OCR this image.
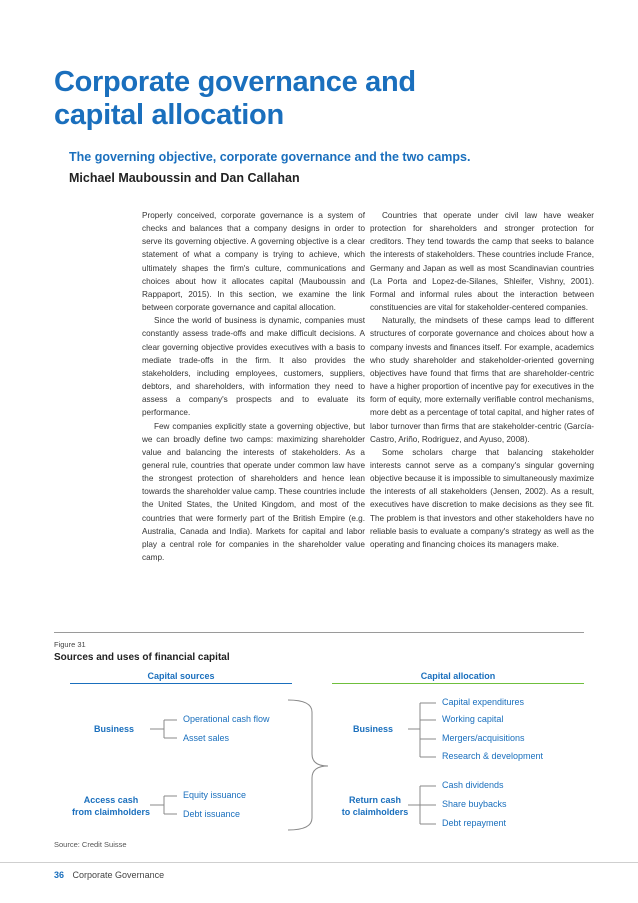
Corporate governance and
capital allocation
The governing objective, corporate governance and the two camps.
Michael Mauboussin and Dan Callahan

Properly conceived, corporate governance is a system of checks and balances that a company designs in order to serve its governing objective. A governing objective is a clear statement of what a company is trying to achieve, which ultimately shapes the firm's culture, communications and choices about how it allocates capital (Mauboussin and Rappaport, 2015). In this section, we examine the link between corporate governance and capital allocation.

Since the world of business is dynamic, companies must constantly assess trade-offs and make difficult decisions. A clear governing objective provides executives with a basis to mediate trade-offs in the firm. It also provides the stakeholders, including employees, customers, suppliers, debtors, and shareholders, with information they need to assess a company's prospects and to evaluate its performance.

Few companies explicitly state a governing objective, but we can broadly define two camps: maximizing shareholder value and balancing the interests of stakeholders. As a general rule, countries that operate under common law have the strongest protection of shareholders and hence lean towards the shareholder value camp. These countries include the United States, the United Kingdom, and most of the countries that were formerly part of the British Empire (e.g. Australia, Canada and India). Markets for capital and labor play a central role for companies in the shareholder value camp.

Countries that operate under civil law have weaker protection for shareholders and stronger protection for creditors. They tend towards the camp that seeks to balance the interests of stakeholders. These countries include France, Germany and Japan as well as most Scandinavian countries (La Porta and Lopez-de-Silanes, Shleifer, Vishny, 2001). Formal and informal rules about the interaction between constituencies are vital for stakeholder-centered companies.

Naturally, the mindsets of these camps lead to different structures of corporate governance and choices about how a company invests and finances itself. For example, academics who study shareholder and stakeholder-oriented governing objectives have found that firms that are shareholder-centric have a higher proportion of incentive pay for executives in the form of equity, more externally verifiable control mechanisms, more debt as a percentage of total capital, and higher rates of labor turnover than firms that are stakeholder-centric (García-Castro, Ariño, Rodriguez, and Ayuso, 2008).

Some scholars charge that balancing stakeholder interests cannot serve as a company's singular governing objective because it is impossible to simultaneously maximize the interests of all stakeholders (Jensen, 2002). As a result, executives have discretion to make decisions as they see fit. The problem is that investors and other stakeholders have no reliable basis to evaluate a company's strategy as well as the operating and financing choices its managers make.

Figure 31
Sources and uses of financial capital
Capital sources	Capital allocation
Business
Operational cash flow
Asset sales
Access cash
from claimholders
Equity issuance
Debt issuance
Business
Capital expenditures
Working capital
Mergers/acquisitions
Research & development
Return cash
to claimholders
Cash dividends
Share buybacks
Debt repayment
Source: Credit Suisse
36 Corporate Governance
